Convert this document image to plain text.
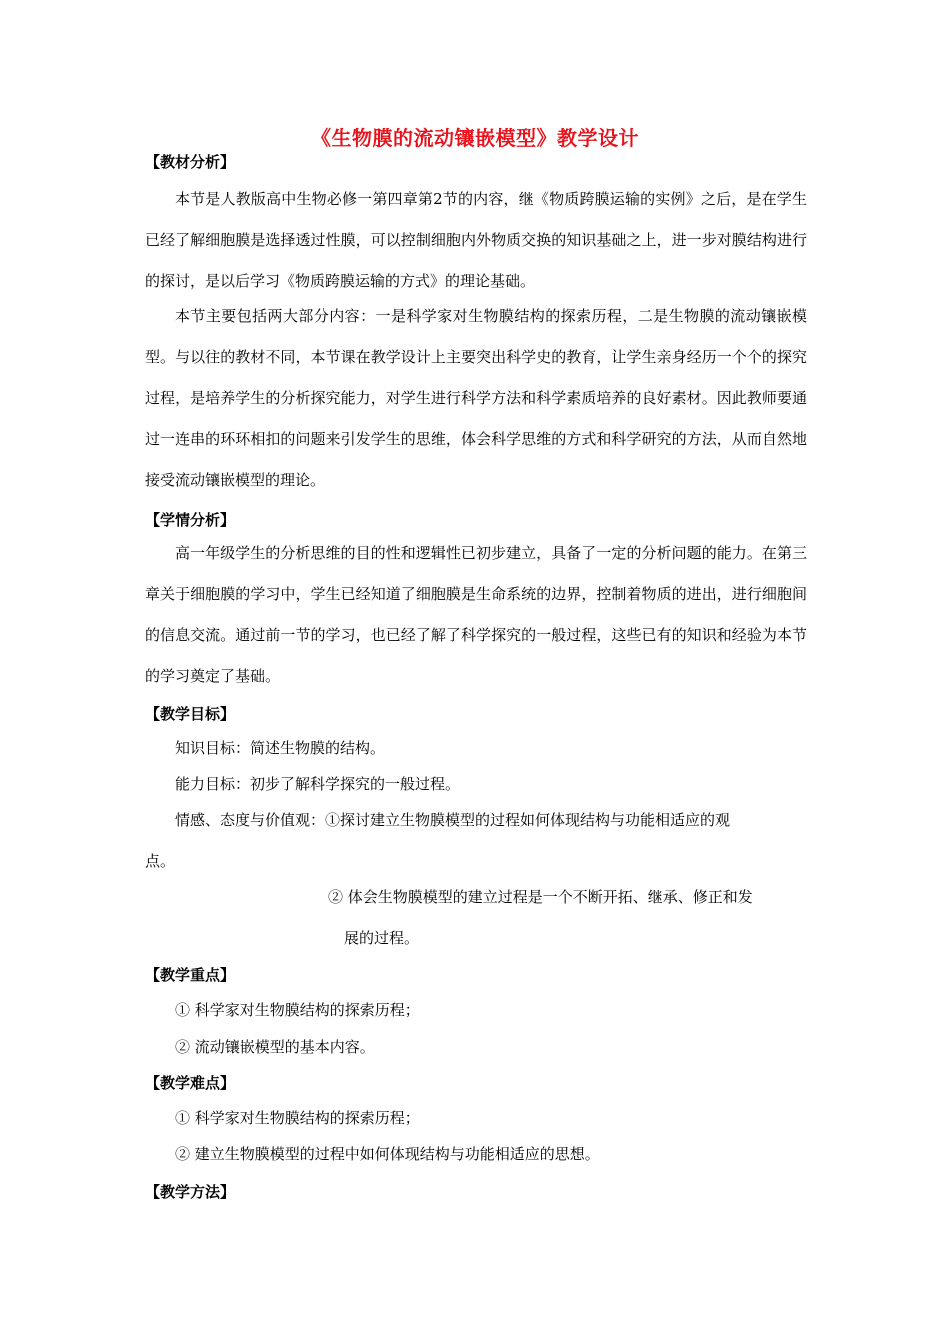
《生物膜的流动镶嵌模型》教学设计
【教材分析】
本节是人教版高中生物必修一第四章第2节的内容，继《物质跨膜运输的实例》之后，是在学生已经了解细胞膜是选择透过性膜，可以控制细胞内外物质交换的知识基础之上，进一步对膜结构进行的探讨，是以后学习《物质跨膜运输的方式》的理论基础。
本节主要包括两大部分内容：一是科学家对生物膜结构的探索历程，二是生物膜的流动镶嵌模型。与以往的教材不同，本节课在教学设计上主要突出科学史的教育，让学生亲身经历一个个的探究过程，是培养学生的分析探究能力，对学生进行科学方法和科学素质培养的良好素材。因此教师要通过一连串的环环相扣的问题来引发学生的思维，体会科学思维的方式和科学研究的方法，从而自然地接受流动镶嵌模型的理论。
【学情分析】
高一年级学生的分析思维的目的性和逻辑性已初步建立，具备了一定的分析问题的能力。在第三章关于细胞膜的学习中，学生已经知道了细胞膜是生命系统的边界，控制着物质的进出，进行细胞间的信息交流。通过前一节的学习，也已经了解了科学探究的一般过程，这些已有的知识和经验为本节的学习奠定了基础。
【教学目标】
知识目标：简述生物膜的结构。
能力目标：初步了解科学探究的一般过程。
情感、态度与价值观：①探讨建立生物膜模型的过程如何体现结构与功能相适应的观
点。
② 体会生物膜模型的建立过程是一个不断开拓、继承、修正和发
展的过程。
【教学重点】
① 科学家对生物膜结构的探索历程；
② 流动镶嵌模型的基本内容。
【教学难点】
① 科学家对生物膜结构的探索历程；
② 建立生物膜模型的过程中如何体现结构与功能相适应的思想。
【教学方法】
